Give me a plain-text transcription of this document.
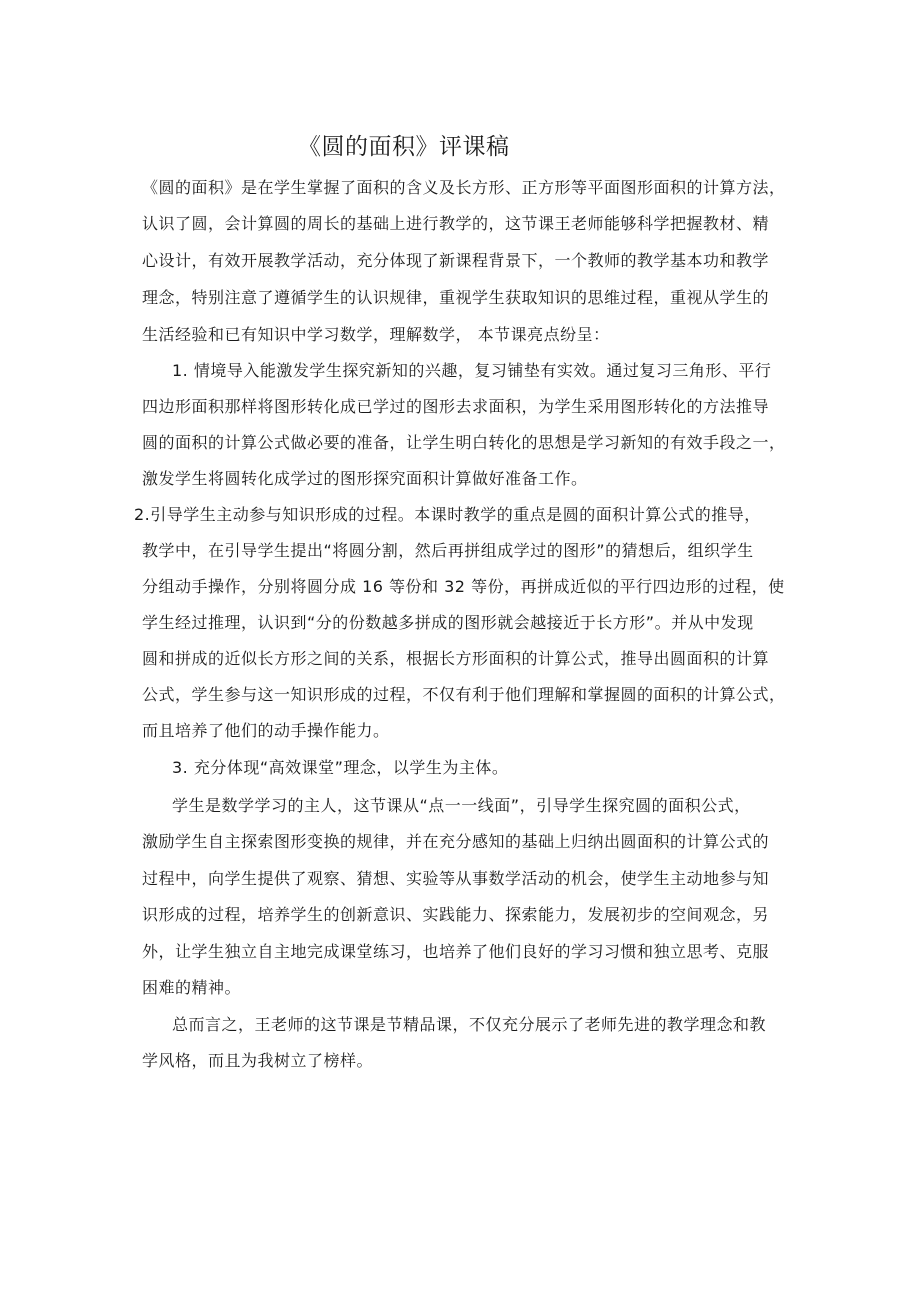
《圆的面积》评课稿
《圆的面积》是在学生掌握了面积的含义及长方形、正方形等平面图形面积的计算方法，
认识了圆，会计算圆的周长的基础上进行教学的，这节课王老师能够科学把握教材、精
心设计，有效开展教学活动，充分体现了新课程背景下，一个教师的教学基本功和教学
理念，特别注意了遵循学生的认识规律，重视学生获取知识的思维过程，重视从学生的
生活经验和已有知识中学习数学，理解数学， 本节课亮点纷呈：
1. 情境导入能激发学生探究新知的兴趣，复习铺垫有实效。通过复习三角形、平行
四边形面积那样将图形转化成已学过的图形去求面积，为学生采用图形转化的方法推导
圆的面积的计算公式做必要的准备，让学生明白转化的思想是学习新知的有效手段之一，
激发学生将圆转化成学过的图形探究面积计算做好准备工作。
2.引导学生主动参与知识形成的过程。本课时教学的重点是圆的面积计算公式的推导，
教学中，在引导学生提出“将圆分割，然后再拼组成学过的图形”的猜想后，组织学生
分组动手操作，分别将圆分成 16 等份和 32 等份，再拼成近似的平行四边形的过程，使
学生经过推理，认识到“分的份数越多拼成的图形就会越接近于长方形”。并从中发现
圆和拼成的近似长方形之间的关系，根据长方形面积的计算公式，推导出圆面积的计算
公式，学生参与这一知识形成的过程，不仅有利于他们理解和掌握圆的面积的计算公式，
而且培养了他们的动手操作能力。
3. 充分体现“高效课堂”理念，以学生为主体。
学生是数学学习的主人，这节课从“点一一线面”，引导学生探究圆的面积公式，
激励学生自主探索图形变换的规律，并在充分感知的基础上归纳出圆面积的计算公式的
过程中，向学生提供了观察、猜想、实验等从事数学活动的机会，使学生主动地参与知
识形成的过程，培养学生的创新意识、实践能力、探索能力，发展初步的空间观念，另
外，让学生独立自主地完成课堂练习，也培养了他们良好的学习习惯和独立思考、克服
困难的精神。
总而言之，王老师的这节课是节精品课，不仅充分展示了老师先进的教学理念和教
学风格，而且为我树立了榜样。
